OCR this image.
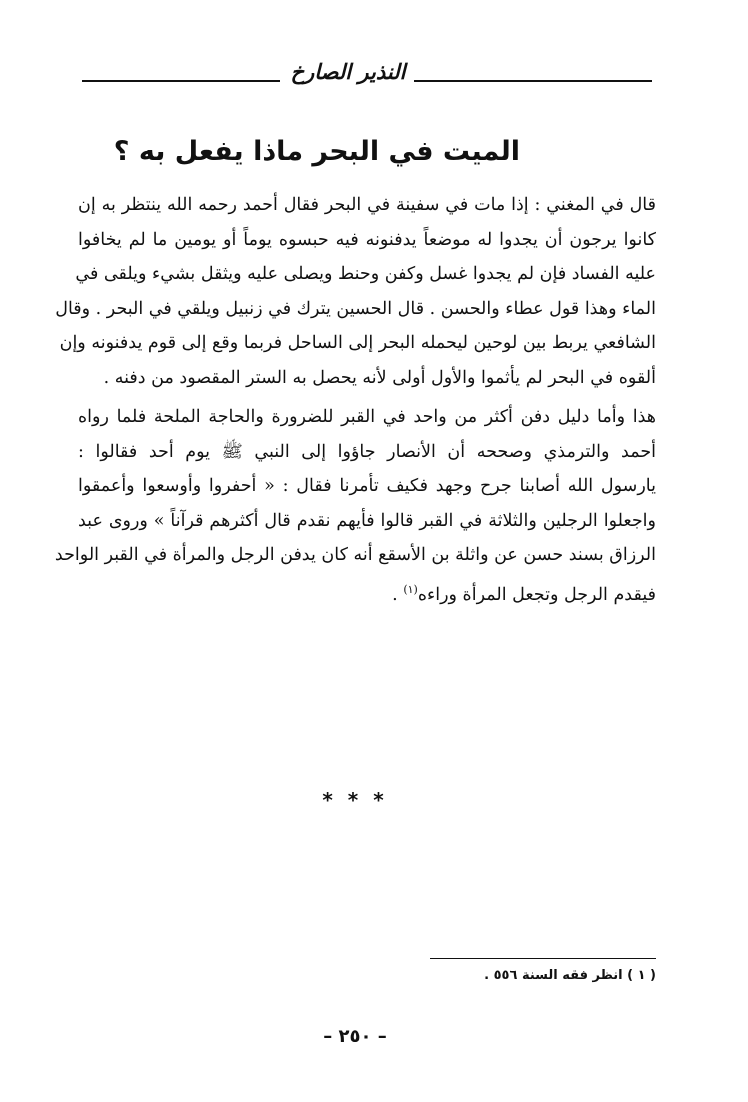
النذير الصارخ
الميت في البحر ماذا يفعل به ؟
قال في المغني : إذا مات في سفينة في البحر فقال أحمد رحمه الله ينتظر به إن
كانوا يرجون أن يجدوا له موضعاً يدفنونه فيه حبسوه يوماً أو يومين ما لم يخافوا
عليه الفساد فإن لم يجدوا غسل وكفن وحنط ويصلى عليه ويثقل بشيء ويلقى في
الماء وهذا قول عطاء والحسن . قال الحسين يترك في زنبيل ويلقي في البحر . وقال
الشافعي يربط بين لوحين ليحمله البحر إلى الساحل فربما وقع إلى قوم يدفنونه وإن
ألقوه في البحر لم يأثموا والأول أولى لأنه يحصل به الستر المقصود من دفنه .
هذا وأما دليل دفن أكثر من واحد في القبر للضرورة والحاجة الملحة فلما رواه
أحمد والترمذي وصححه أن الأنصار جاؤوا إلى النبي ﷺ يوم أحد فقالوا :
يارسول الله أصابنا جرح وجهد فكيف تأمرنا فقال : « أحفروا وأوسعوا وأعمقوا
واجعلوا الرجلين والثلاثة في القبر قالوا فأيهم نقدم قال أكثرهم قرآناً » وروى عبد
الرزاق بسند حسن عن واثلة بن الأسقع أنه كان يدفن الرجل والمرأة في القبر الواحد
فيقدم الرجل وتجعل المرأة وراءه$^{(١)}$ .
* * *
( ١ ) انظر فقه السنة ٥٥٦ .
– ٢٥٠ –
